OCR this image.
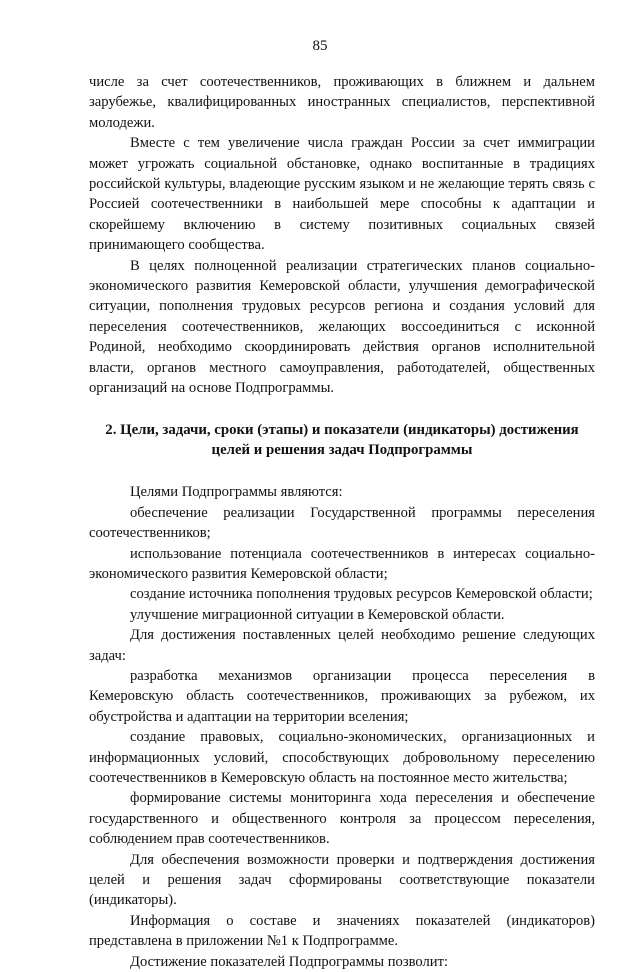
85

числе за счет соотечественников, проживающих в ближнем и дальнем зарубежье, квалифицированных иностранных специалистов, перспективной молодежи.

Вместе с тем увеличение числа граждан России за счет иммиграции может угрожать социальной обстановке, однако воспитанные в традициях российской культуры, владеющие русским языком и не желающие терять связь с Россией соотечественники в наибольшей мере способны к адаптации и скорейшему включению в систему позитивных социальных связей принимающего сообщества.

В целях полноценной реализации стратегических планов социально-экономического развития Кемеровской области, улучшения демографической ситуации, пополнения трудовых ресурсов региона и создания условий для переселения соотечественников, желающих воссоединиться с исконной Родиной, необходимо скоординировать действия органов исполнительной власти, органов местного самоуправления, работодателей, общественных организаций на основе Подпрограммы.

2. Цели, задачи, сроки (этапы) и показатели (индикаторы) достижения целей и решения задач Подпрограммы

Целями Подпрограммы являются:

обеспечение реализации Государственной программы переселения соотечественников;

использование потенциала соотечественников в интересах социально-экономического развития Кемеровской области;

создание источника пополнения трудовых ресурсов Кемеровской области;

улучшение миграционной ситуации в Кемеровской области.

Для достижения поставленных целей необходимо решение следующих задач:

разработка механизмов организации процесса переселения в Кемеровскую область соотечественников, проживающих за рубежом, их обустройства и адаптации на территории вселения;

создание правовых, социально-экономических, организационных и информационных условий, способствующих добровольному переселению соотечественников в Кемеровскую область на постоянное место жительства;

формирование системы мониторинга хода переселения и обеспечение государственного и общественного контроля за процессом переселения, соблюдением прав соотечественников.

Для обеспечения возможности проверки и подтверждения достижения целей и решения задач сформированы соответствующие показатели (индикаторы).

Информация о составе и значениях показателей (индикаторов) представлена в приложении №1 к Подпрограмме.

Достижение показателей Подпрограммы позволит:
